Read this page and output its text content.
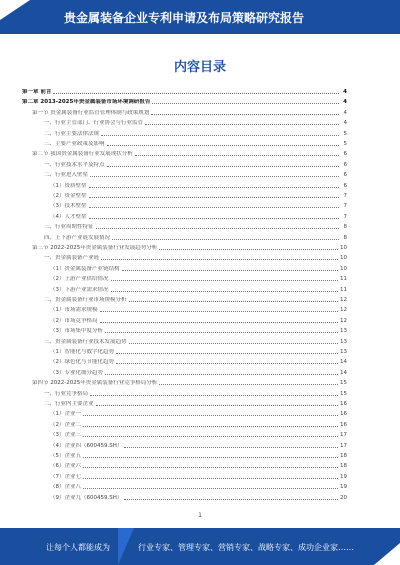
贵金属装备企业专利申请及布局策略研究报告
内容目录
第一章 前言	4
第二章 2013-2025年贵金属装备市场环境调研报告	4
第一节 贵金属装备行业监管管理体制与政策规划	4
一、行业主管部门、行业协会与行业监管	4
二、行业主要法律法规	5
三、主要产业政策及影响	5
第二节 我国贵金属装备行业发展现状分析	6
一、行业技术水平及特点	6
二、行业进入壁垒	6
（1）资质壁垒	6
（2）资金壁垒	7
（3）技术壁垒	7
（4）人才壁垒	7
三、行业周期性特征	8
四、上下游产业链发展情况	8
第三节 2022-2025年贵金属装备行业发展趋势分析	10
一、贵金属装备产业链	10
（1）贵金属装备产业链结构	10
（2）上游产业供给情况	11
（3）下游产业需求情况	11
二、贵金属装备行业市场规模分析	12
（1）市场需求规模	12
（2）市场竞争格局	12
（3）市场集中度分析	13
三、贵金属装备行业技术发展趋势	13
（1）智能化与数字化趋势	13
（2）绿色化与节能化趋势	14
（3）专业化细分趋势	14
第四节 2022-2025年贵金属装备行业竞争格局分析	15
一、行业竞争格局	15
二、行业内主要企业	16
（1）企业一	16
（2）企业二	16
（3）企业三	17
（4）企业四（600459.SH）	17
（5）企业五	18
（6）企业六	18
（7）企业七	19
（8）企业八	19
（9）企业九（600459.SH）	20
1
让每个人都能成为	行业专家、管理专家、营销专家、战略专家、成功企业家……
